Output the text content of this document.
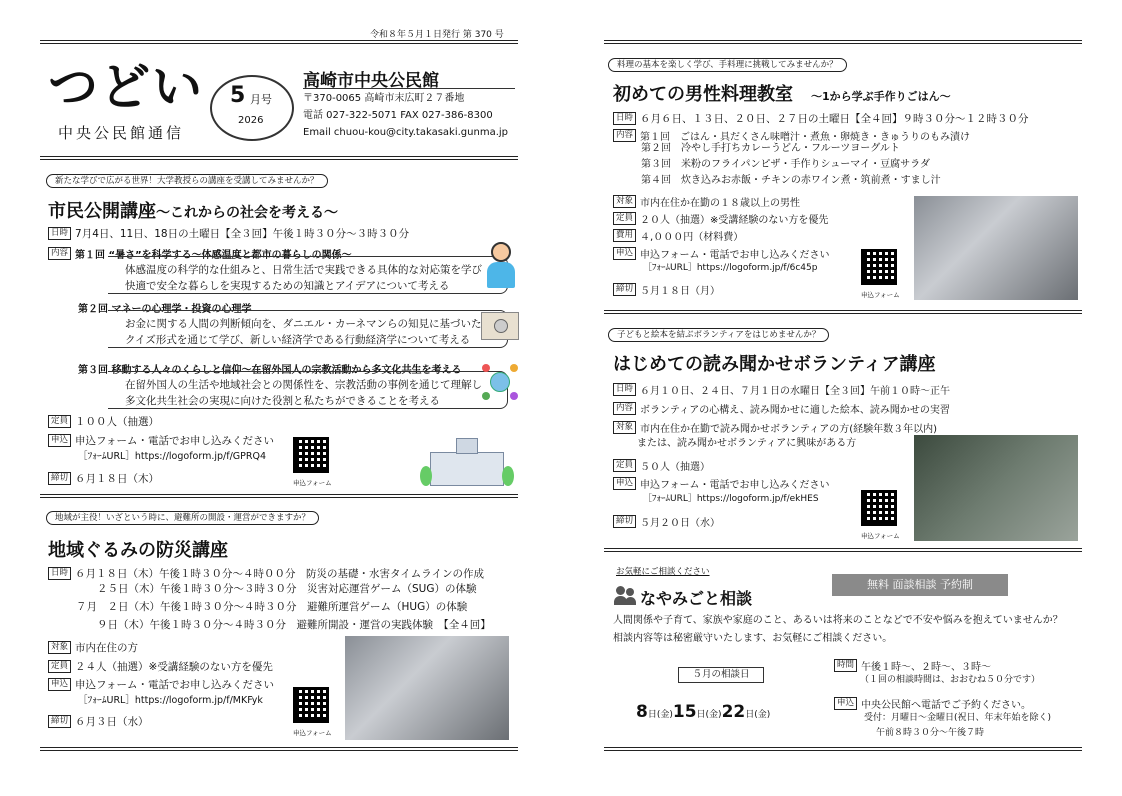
令和８年５月１日発行 第 370 号
つどい
中央公民館通信
5 月号
2026
高崎市中央公民館
〒370-0065 高崎市末広町２７番地
電話 027-322-5071 FAX 027-386-8300
Email chuou-kou@city.takasaki.gunma.jp
新たな学びで広がる世界！大学教授らの講座を受講してみませんか？
市民公開講座～これからの社会を考える～
日時 7月4日、11日、18日の土曜日【全３回】午後１時３０分～３時３０分
内容 第１回 “暑さ”を科学する～体感温度と都市の暮らしの関係～
体感温度の科学的な仕組みと、日常生活で実践できる具体的な対応策を学び
快適で安全な暮らしを実現するための知識とアイデアについて考える
第２回 マネーの心理学・投資の心理学
お金に関する人間の判断傾向を、ダニエル・カーネマンらの知見に基づいた
クイズ形式を通じて学び、新しい経済学である行動経済学について考える
第３回 移動する人々のくらしと信仰～在留外国人の宗教活動から多文化共生を考える
在留外国人の生活や地域社会との関係性を、宗教活動の事例を通じて理解し
多文化共生社会の実現に向けた役割と私たちができることを考える
定員 １００人（抽選）
申込 申込フォーム・電話でお申し込みください
［ﾌｫｰﾑURL］https://logoform.jp/f/GPRQ4
締切 ６月１８日（木）	申込フォーム
地域が主役！いざという時に、避難所の開設・運営ができますか？
地域ぐるみの防災講座
日時 ６月１８日（木）午後１時３０分～４時００分　防災の基礎・水害タイムラインの作成
２５日（木）午後１時３０分～３時３０分　災害対応運営ゲーム（SUG）の体験
７月　２日（木）午後１時３０分～４時３０分　避難所運営ゲーム（HUG）の体験
９日（木）午後１時３０分～４時３０分　避難所開設・運営の実践体験　【全４回】
対象 市内在住の方
定員 ２４人（抽選）※受講経験のない方を優先
申込 申込フォーム・電話でお申し込みください
［ﾌｫｰﾑURL］https://logoform.jp/f/MKFyk
締切 ６月３日（水）
申込フォーム
料理の基本を楽しく学び、手料理に挑戦してみませんか？
初めての男性料理教室　 ～1から学ぶ手作りごはん～
日時 ６月６日、１３日、２０日、２７日の土曜日【全４回】９時３０分～１２時３０分
内容 第１回　ごはん・具だくさん味噌汁・煮魚・卵焼き・きゅうりのもみ漬け
第２回　冷やし手打ちカレーうどん・フルーツヨーグルト
第３回　米粉のフライパンピザ・手作りシューマイ・豆腐サラダ
第４回　炊き込みお赤飯・チキンの赤ワイン煮・筑前煮・すまし汁
対象 市内在住か在勤の１８歳以上の男性
定員 ２０人（抽選）※受講経験のない方を優先
費用 ４,０００円（材料費）
申込 申込フォーム・電話でお申し込みください
［ﾌｫｰﾑURL］https://logoform.jp/f/6c45p
締切 ５月１８日（月）	申込フォーム
子どもと絵本を結ぶボランティアをはじめませんか？
はじめての読み聞かせボランティア講座
日時 ６月１０日、２４日、７月１日の水曜日【全３回】午前１０時～正午
内容 ボランティアの心構え、読み聞かせに適した絵本、読み聞かせの実習
対象 市内在住か在勤で読み聞かせボランティアの方(経験年数３年以内)
または、読み聞かせボランティアに興味がある方
定員 ５０人（抽選）
申込 申込フォーム・電話でお申し込みください
［ﾌｫｰﾑURL］https://logoform.jp/f/ekHES
締切 ５月２０日（水）
申込フォーム
お気軽にご相談ください
なやみごと相談
無料 面談相談 予約制
人間関係や子育て、家族や家庭のこと、あるいは将来のことなどで不安や悩みを抱えていませんか？
相談内容等は秘密厳守いたします、お気軽にご相談ください。
５月の相談日
8日(金)15日(金)22日(金)
時間 午後１時～、２時～、３時～
（１回の相談時間は、おおむね５０分です）
申込 中央公民館へ電話でご予約ください。
受付：月曜日～金曜日(祝日、年末年始を除く)
午前８時３０分～午後７時
